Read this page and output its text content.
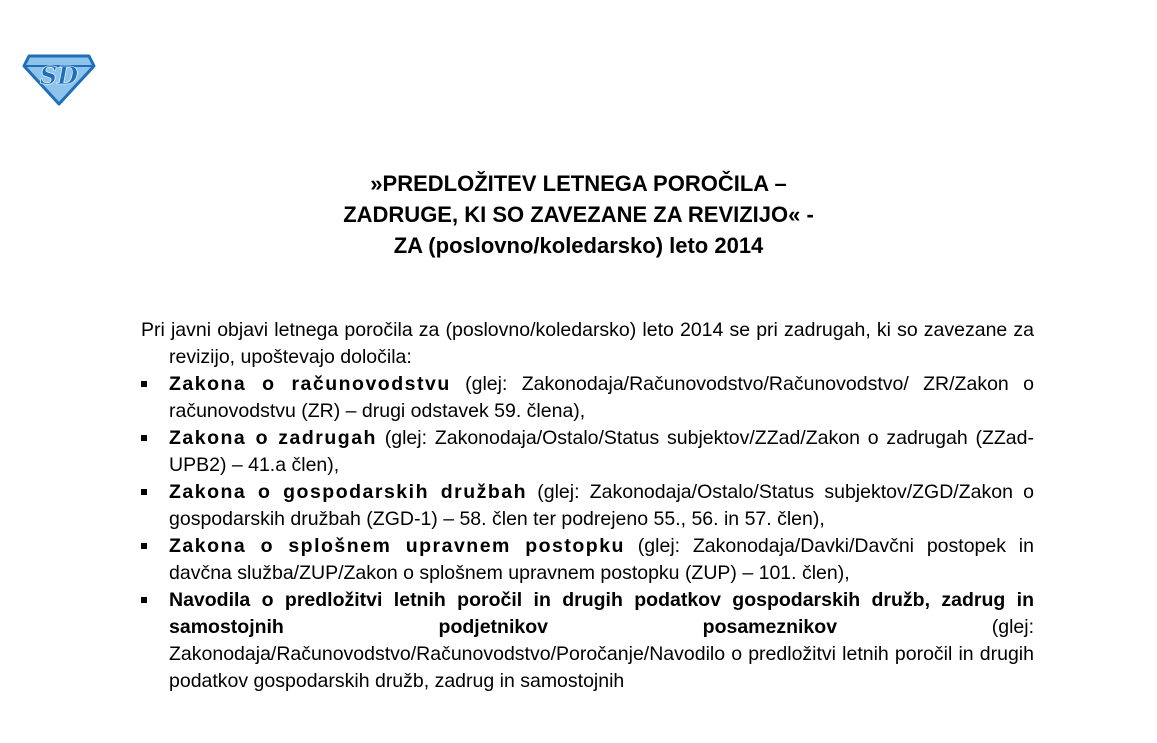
SD
»PREDLOŽITEV LETNEGA POROČILA –
ZADRUGE, KI SO ZAVEZANE ZA REVIZIJO« -
ZA (poslovno/koledarsko) leto 2014

Pri javni objavi letnega poročila za (poslovno/koledarsko) leto 2014 se pri zadrugah, ki so zavezane za revizijo, upoštevajo določila:

Zakona o računovodstvu (glej: Zakonodaja/Računovodstvo/Računovodstvo/ ZR/Zakon o računovodstvu (ZR) – drugi odstavek 59. člena),
Zakona o zadrugah (glej: Zakonodaja/Ostalo/Status subjektov/ZZad/Zakon o zadrugah (ZZad-UPB2) – 41.a člen),
Zakona o gospodarskih družbah (glej: Zakonodaja/Ostalo/Status subjektov/ZGD/Zakon o gospodarskih družbah (ZGD-1) – 58. člen ter podrejeno 55., 56. in 57. člen),
Zakona o splošnem upravnem postopku (glej: Zakonodaja/Davki/Davčni postopek in davčna služba/ZUP/Zakon o splošnem upravnem postopku (ZUP) – 101. člen),
Navodila o predložitvi letnih poročil in drugih podatkov gospodarskih družb, zadrug in samostojnih podjetnikov posameznikov (glej: Zakonodaja/Računovodstvo/Računovodstvo/Poročanje/Navodilo o predložitvi letnih poročil in drugih podatkov gospodarskih družb, zadrug in samostojnih
